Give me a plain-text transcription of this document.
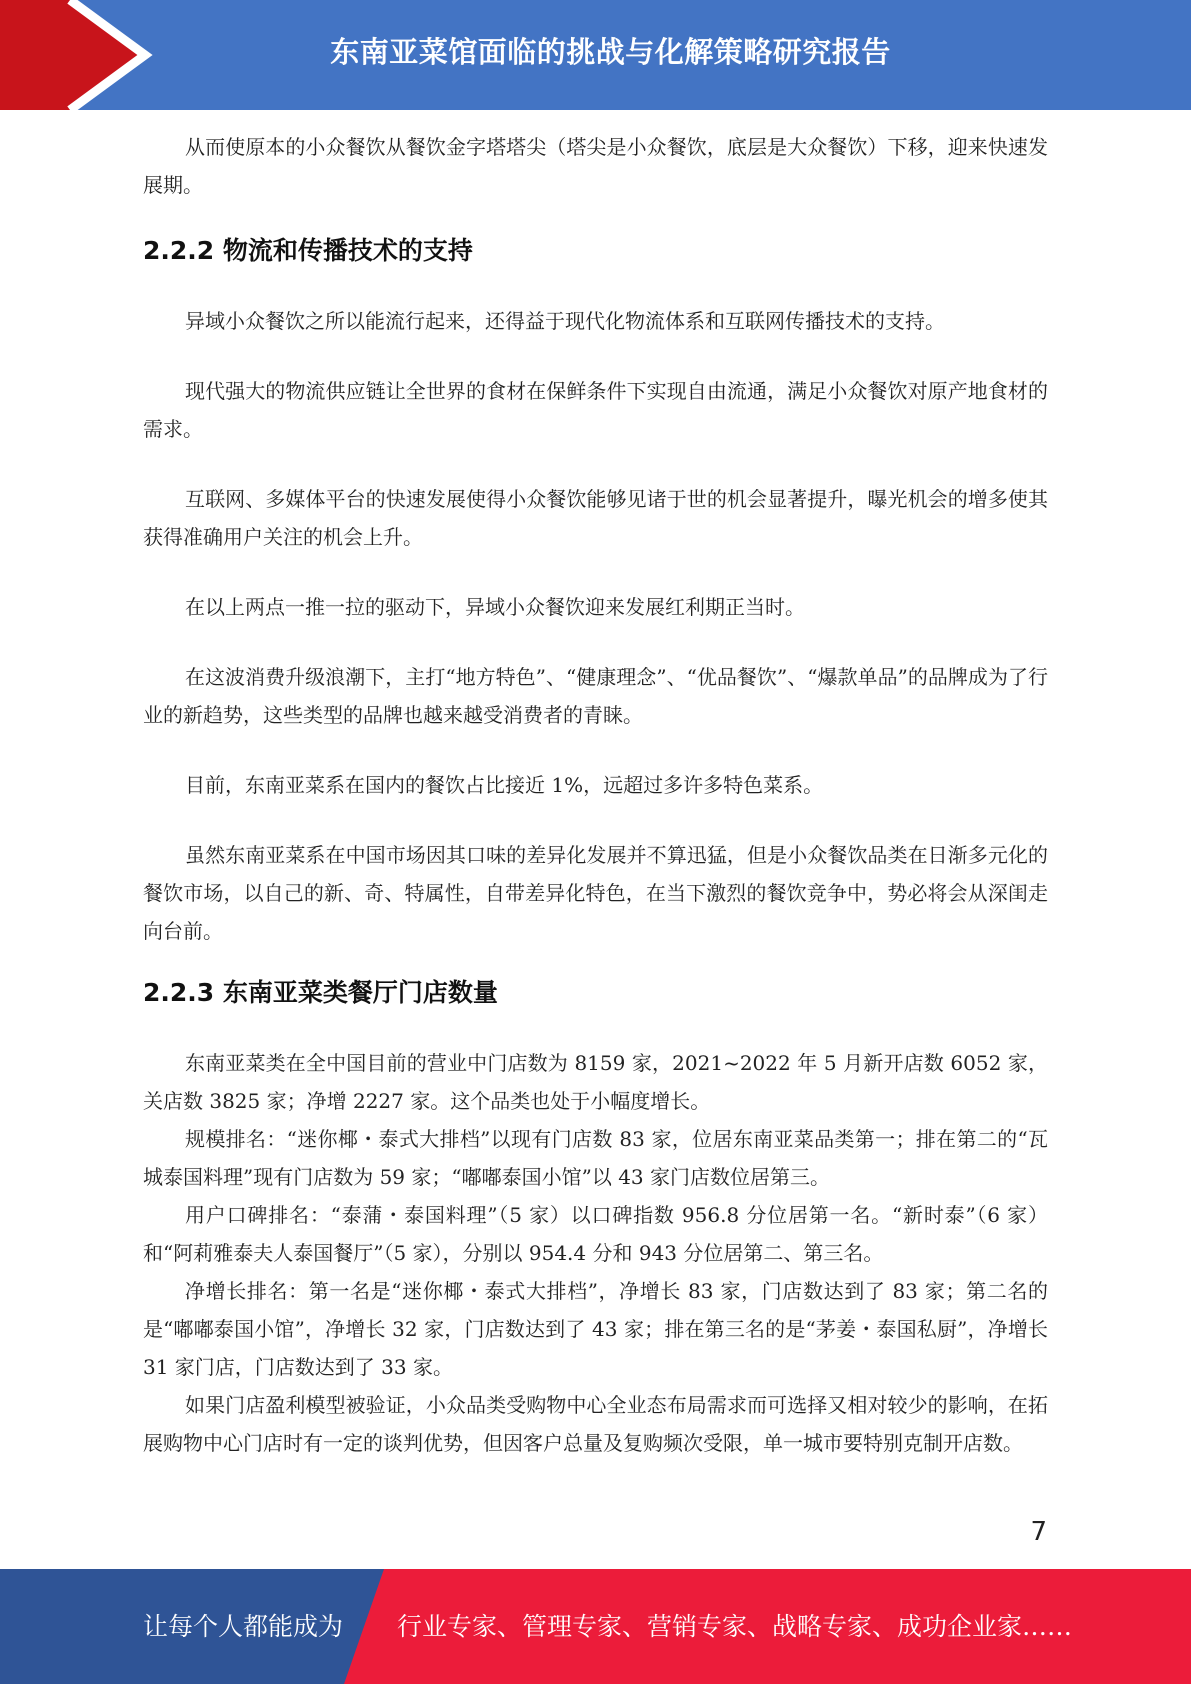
东南亚菜馆面临的挑战与化解策略研究报告

从而使原本的小众餐饮从餐饮金字塔塔尖（塔尖是小众餐饮，底层是大众餐饮）下移，迎来快速发展期。

2.2.2 物流和传播技术的支持

异域小众餐饮之所以能流行起来，还得益于现代化物流体系和互联网传播技术的支持。

现代强大的物流供应链让全世界的食材在保鲜条件下实现自由流通，满足小众餐饮对原产地食材的需求。

互联网、多媒体平台的快速发展使得小众餐饮能够见诸于世的机会显著提升，曝光机会的增多使其获得准确用户关注的机会上升。

在以上两点一推一拉的驱动下，异域小众餐饮迎来发展红利期正当时。

在这波消费升级浪潮下，主打“地方特色”、“健康理念”、“优品餐饮”、“爆款单品”的品牌成为了行业的新趋势，这些类型的品牌也越来越受消费者的青睐。

目前，东南亚菜系在国内的餐饮占比接近 1%，远超过多许多特色菜系。

虽然东南亚菜系在中国市场因其口味的差异化发展并不算迅猛，但是小众餐饮品类在日渐多元化的餐饮市场，以自己的新、奇、特属性，自带差异化特色，在当下激烈的餐饮竞争中，势必将会从深闺走向台前。

2.2.3 东南亚菜类餐厅门店数量

东南亚菜类在全中国目前的营业中门店数为 8159 家，2021~2022 年 5 月新开店数 6052 家，关店数 3825 家；净增 2227 家。这个品类也处于小幅度增长。

规模排名：“迷你椰・泰式大排档”以现有门店数 83 家，位居东南亚菜品类第一；排在第二的“瓦城泰国料理”现有门店数为 59 家；“嘟嘟泰国小馆”以 43 家门店数位居第三。

用户口碑排名：“泰蒲・泰国料理”（5 家）以口碑指数 956.8 分位居第一名。“新时泰”（6 家）和“阿莉雅泰夫人泰国餐厅”（5 家），分别以 954.4 分和 943 分位居第二、第三名。

净增长排名：第一名是“迷你椰・泰式大排档”，净增长 83 家，门店数达到了 83 家；第二名的是“嘟嘟泰国小馆”，净增长 32 家，门店数达到了 43 家；排在第三名的是“茅姜・泰国私厨”，净增长 31 家门店，门店数达到了 33 家。

如果门店盈利模型被验证，小众品类受购物中心全业态布局需求而可选择又相对较少的影响，在拓展购物中心门店时有一定的谈判优势，但因客户总量及复购频次受限，单一城市要特别克制开店数。

7
让每个人都能成为 行业专家、管理专家、营销专家、战略专家、成功企业家……
